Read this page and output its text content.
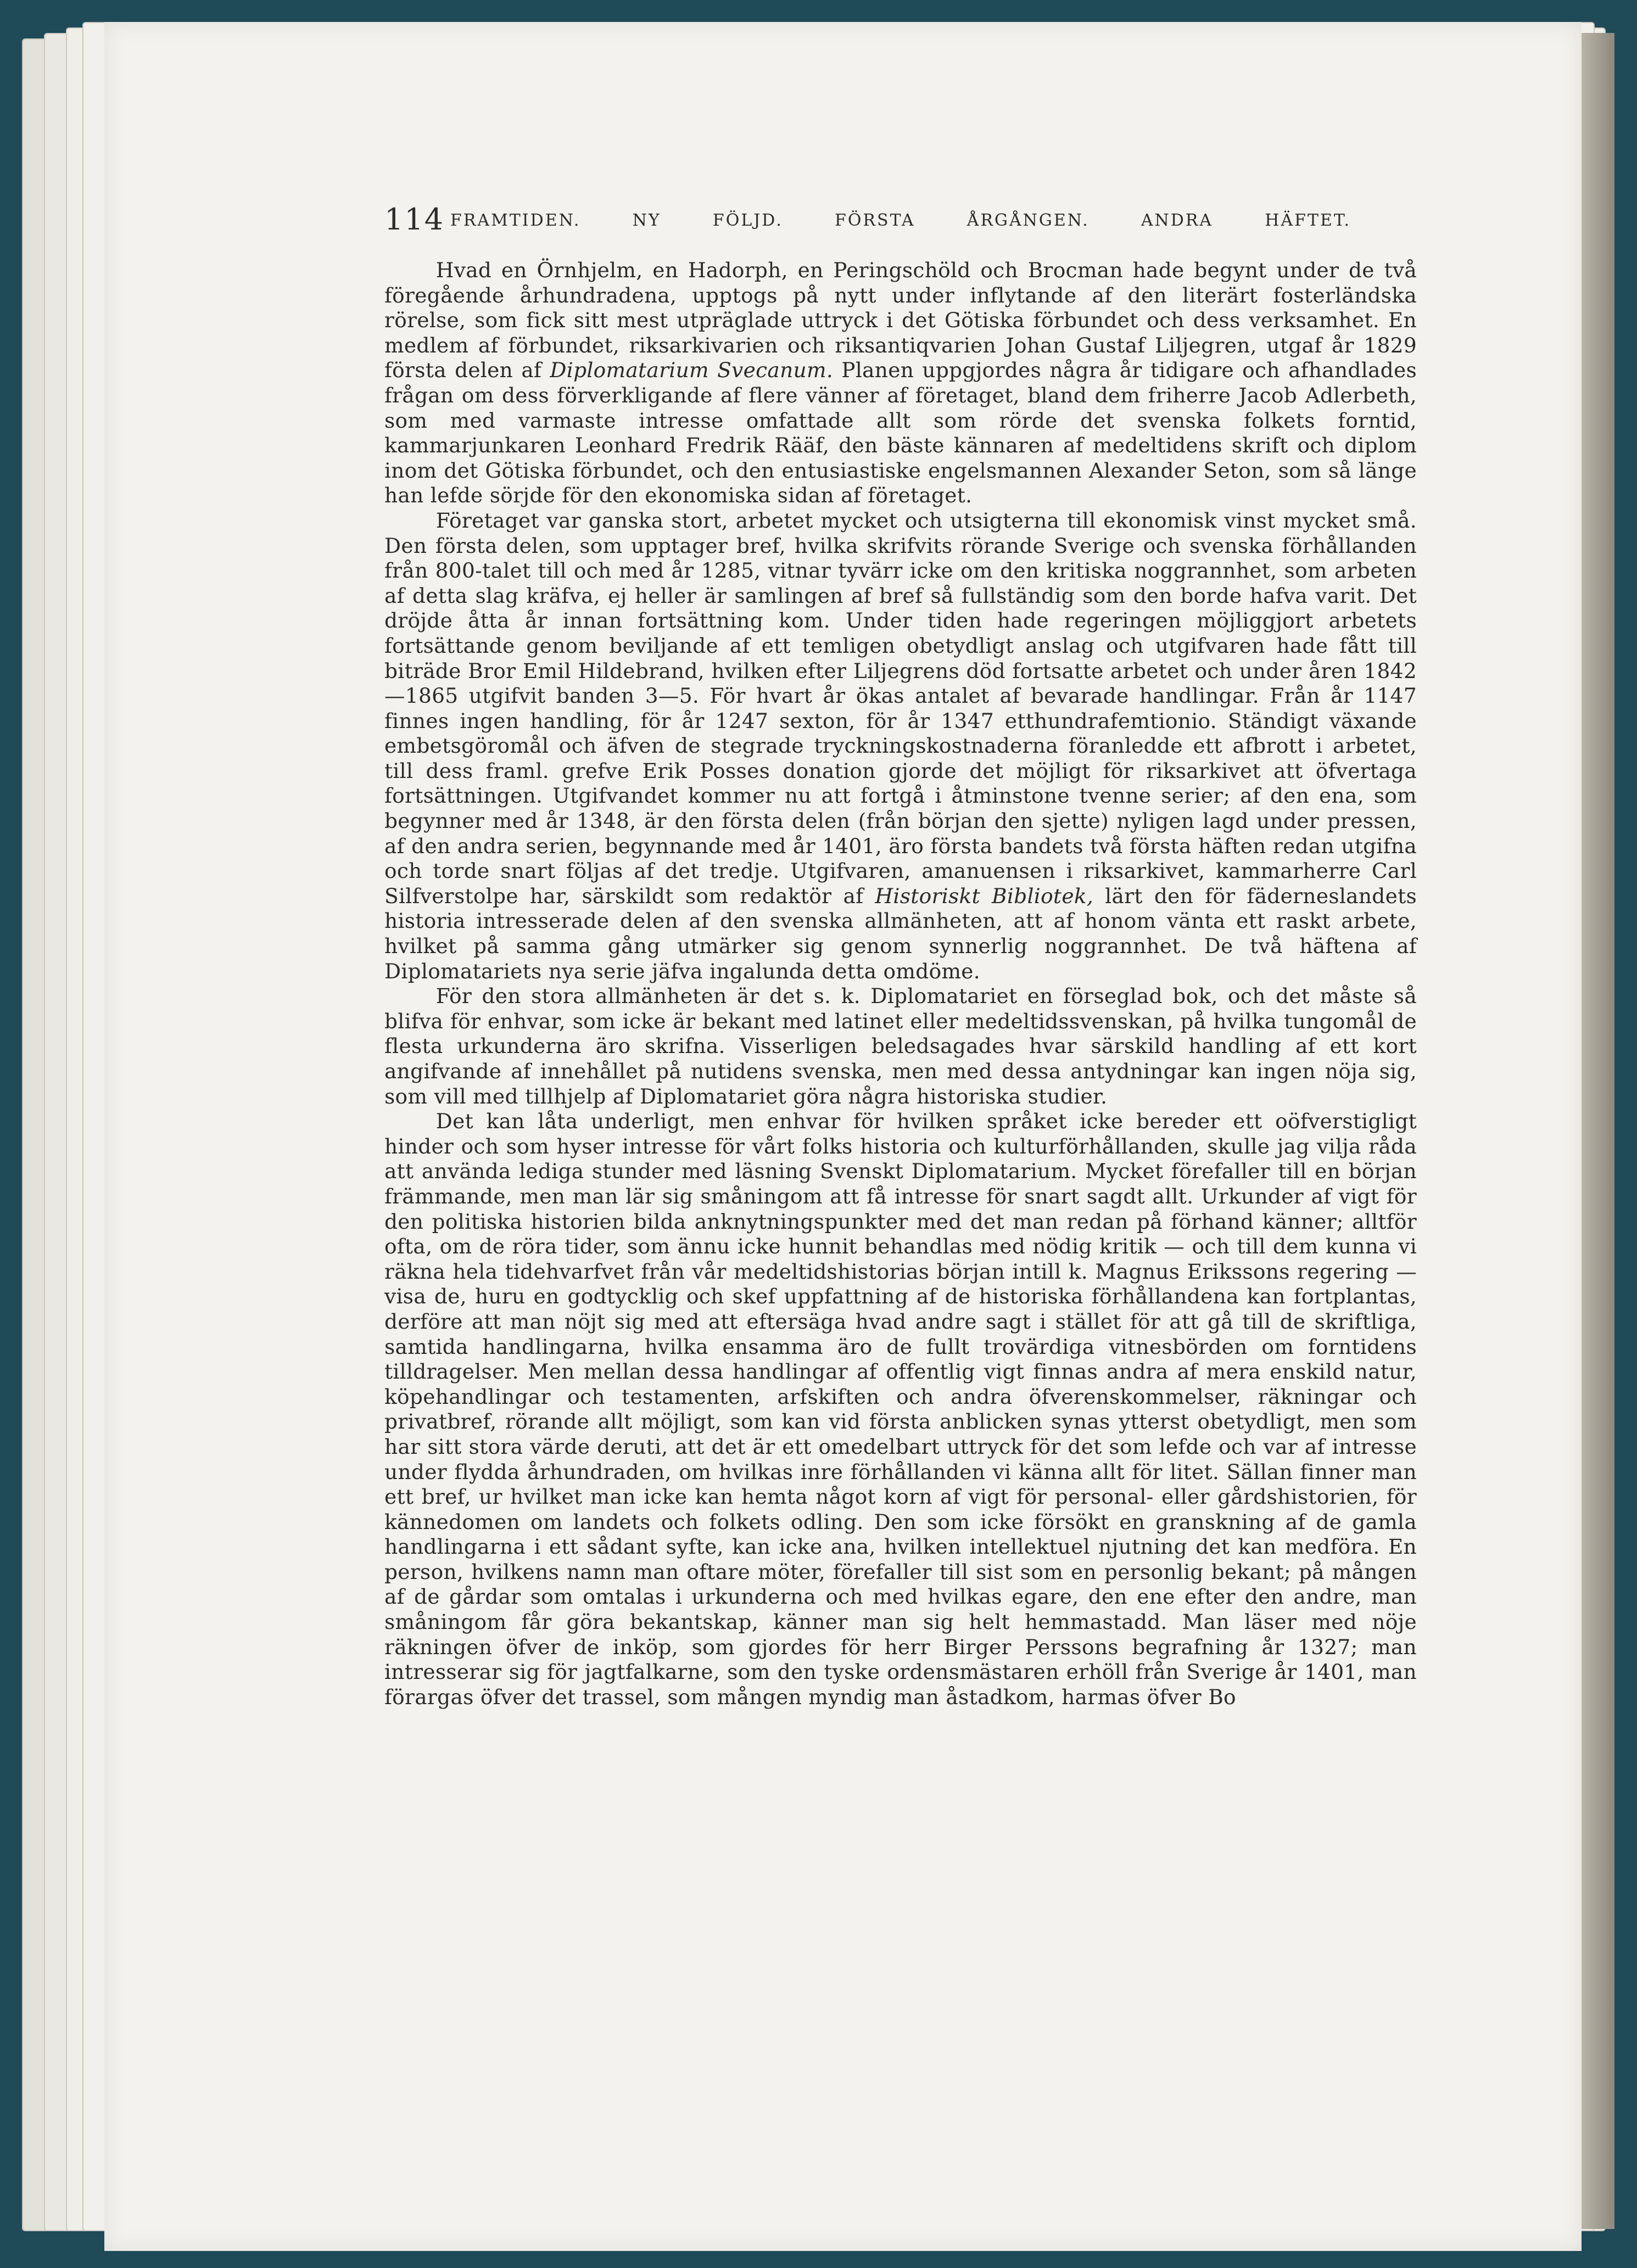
114 FRAMTIDEN. NY FÖLJD. FÖRSTA ÅRGÅNGEN. ANDRA HÄFTET.

Hvad en Örnhjelm, en Hadorph, en Peringschöld och Brocman hade begynt under de två föregående århundradena, upptogs på nytt under inflytande af den literärt fosterländska rörelse, som fick sitt mest utpräglade uttryck i det Götiska förbundet och dess verksamhet. En medlem af förbundet, riksarkivarien och riksantiqvarien Johan Gustaf Liljegren, utgaf år 1829 första delen af Diplomatarium Svecanum. Planen uppgjordes några år tidigare och afhandlades frågan om dess förverkligande af flere vänner af företaget, bland dem friherre Jacob Adlerbeth, som med varmaste intresse omfattade allt som rörde det svenska folkets forntid, kammarjunkaren Leonhard Fredrik Rääf, den bäste kännaren af medeltidens skrift och diplom inom det Götiska förbundet, och den entusiastiske engelsmannen Alexander Seton, som så länge han lefde sörjde för den ekonomiska sidan af företaget.

Företaget var ganska stort, arbetet mycket och utsigterna till ekonomisk vinst mycket små. Den första delen, som upptager bref, hvilka skrifvits rörande Sverige och svenska förhållanden från 800-talet till och med år 1285, vitnar tyvärr icke om den kritiska noggrannhet, som arbeten af detta slag kräfva, ej heller är samlingen af bref så fullständig som den borde hafva varit. Det dröjde åtta år innan fortsättning kom. Under tiden hade regeringen möjliggjort arbetets fortsättande genom beviljande af ett temligen obetydligt anslag och utgifvaren hade fått till biträde Bror Emil Hildebrand, hvilken efter Liljegrens död fortsatte arbetet och under åren 1842—1865 utgifvit banden 3—5. För hvart år ökas antalet af bevarade handlingar. Från år 1147 finnes ingen handling, för år 1247 sexton, för år 1347 etthundrafemtionio. Ständigt växande embetsgöromål och äfven de stegrade tryckningskostnaderna föranledde ett afbrott i arbetet, till dess framl. grefve Erik Posses donation gjorde det möjligt för riksarkivet att öfvertaga fortsättningen. Utgifvandet kommer nu att fortgå i åtminstone tvenne serier; af den ena, som begynner med år 1348, är den första delen (från början den sjette) nyligen lagd under pressen, af den andra serien, begynnande med år 1401, äro första bandets två första häften redan utgifna och torde snart följas af det tredje. Utgifvaren, amanuensen i riksarkivet, kammarherre Carl Silfverstolpe har, särskildt som redaktör af Historiskt Bibliotek, lärt den för fäderneslandets historia intresserade delen af den svenska allmänheten, att af honom vänta ett raskt arbete, hvilket på samma gång utmärker sig genom synnerlig noggrannhet. De två häftena af Diplomatariets nya serie jäfva ingalunda detta omdöme.

För den stora allmänheten är det s. k. Diplomatariet en förseglad bok, och det måste så blifva för enhvar, som icke är bekant med latinet eller medeltidssvenskan, på hvilka tungomål de flesta urkunderna äro skrifna. Visserligen beledsagades hvar särskild handling af ett kort angifvande af innehållet på nutidens svenska, men med dessa antydningar kan ingen nöja sig, som vill med tillhjelp af Diplomatariet göra några historiska studier.

Det kan låta underligt, men enhvar för hvilken språket icke bereder ett oöfverstigligt hinder och som hyser intresse för vårt folks historia och kulturförhållanden, skulle jag vilja råda att använda lediga stunder med läsning Svenskt Diplomatarium. Mycket förefaller till en början främmande, men man lär sig småningom att få intresse för snart sagdt allt. Urkunder af vigt för den politiska historien bilda anknytningspunkter med det man redan på förhand känner; alltför ofta, om de röra tider, som ännu icke hunnit behandlas med nödig kritik — och till dem kunna vi räkna hela tidehvarfvet från vår medeltidshistorias början intill k. Magnus Erikssons regering — visa de, huru en godtycklig och skef uppfattning af de historiska förhållandena kan fortplantas, derföre att man nöjt sig med att eftersäga hvad andre sagt i stället för att gå till de skriftliga, samtida handlingarna, hvilka ensamma äro de fullt trovärdiga vitnesbörden om forntidens tilldragelser. Men mellan dessa handlingar af offentlig vigt finnas andra af mera enskild natur, köpehandlingar och testamenten, arfskiften och andra öfverenskommelser, räkningar och privatbref, rörande allt möjligt, som kan vid första anblicken synas ytterst obetydligt, men som har sitt stora värde deruti, att det är ett omedelbart uttryck för det som lefde och var af intresse under flydda århundraden, om hvilkas inre förhållanden vi känna allt för litet. Sällan finner man ett bref, ur hvilket man icke kan hemta något korn af vigt för personal- eller gårdshistorien, för kännedomen om landets och folkets odling. Den som icke försökt en granskning af de gamla handlingarna i ett sådant syfte, kan icke ana, hvilken intellektuel njutning det kan medföra. En person, hvilkens namn man oftare möter, förefaller till sist som en personlig bekant; på mången af de gårdar som omtalas i urkunderna och med hvilkas egare, den ene efter den andre, man småningom får göra bekantskap, känner man sig helt hemmastadd. Man läser med nöje räkningen öfver de inköp, som gjordes för herr Birger Perssons begrafning år 1327; man intresserar sig för jagtfalkarne, som den tyske ordensmästaren erhöll från Sverige år 1401, man förargas öfver det trassel, som mången myndig man åstadkom, harmas öfver Bo
